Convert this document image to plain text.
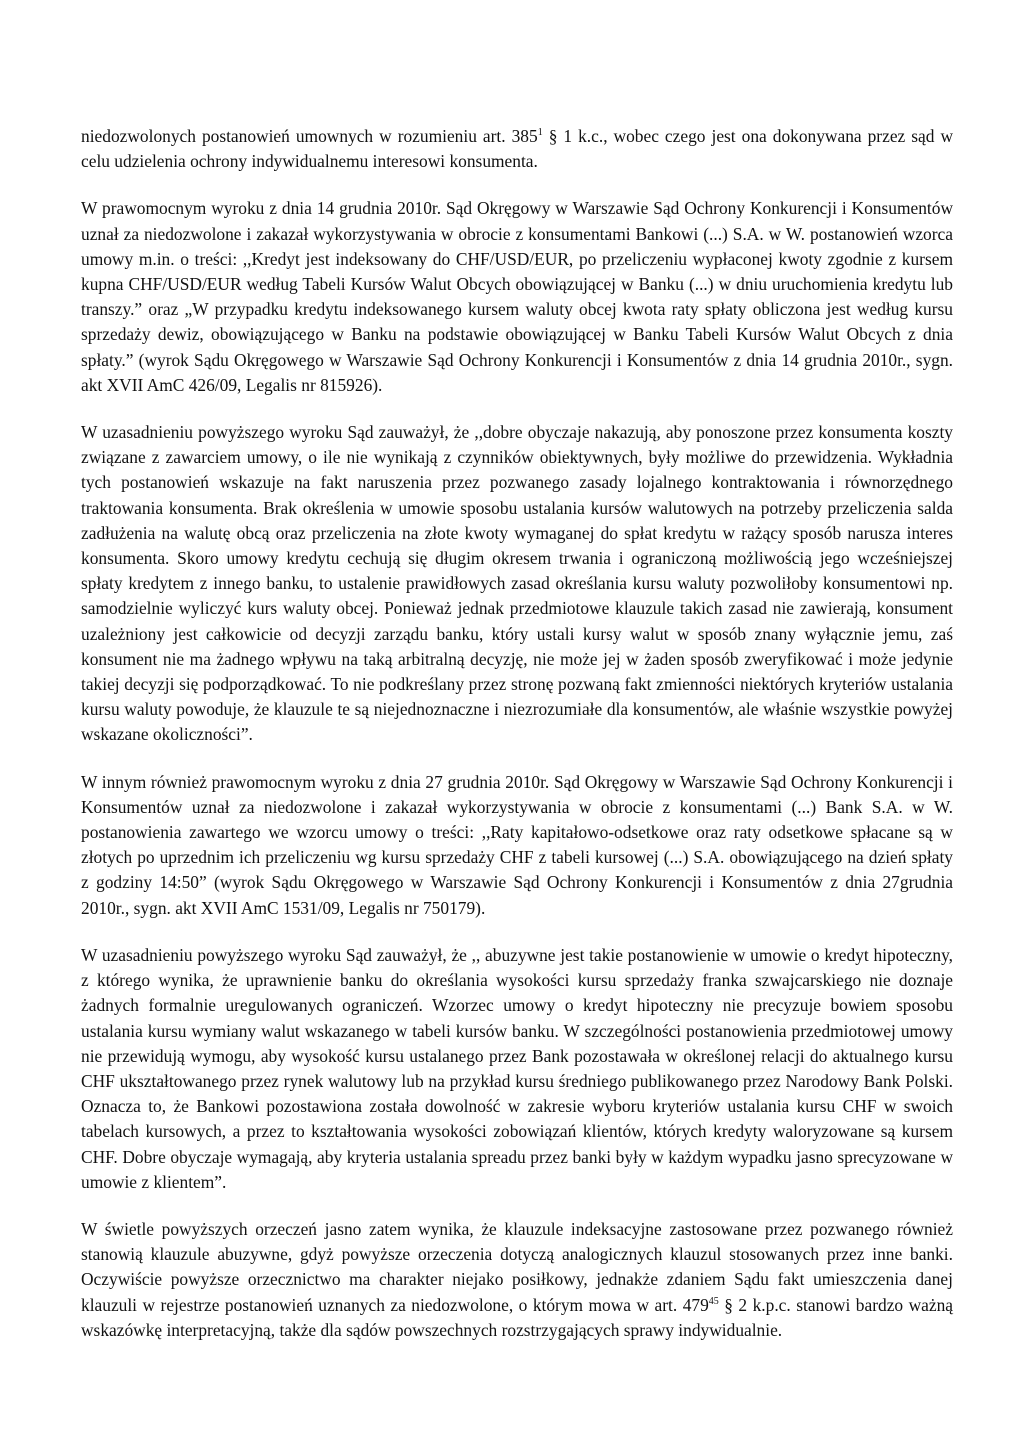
niedozwolonych postanowień umownych w rozumieniu art. $385^1$ § 1 k.c., wobec czego jest ona dokonywana przez sąd w celu udzielenia ochrony indywidualnemu interesowi konsumenta.

W prawomocnym wyroku z dnia 14 grudnia 2010r. Sąd Okręgowy w Warszawie Sąd Ochrony Konkurencji i Konsumentów uznał za niedozwolone i zakazał wykorzystywania w obrocie z konsumentami Bankowi (...) S.A. w W. postanowień wzorca umowy m.in. o treści: ,,Kredyt jest indeksowany do CHF/USD/EUR, po przeliczeniu wypłaconej kwoty zgodnie z kursem kupna CHF/USD/EUR według Tabeli Kursów Walut Obcych obowiązującej w Banku (...) w dniu uruchomienia kredytu lub transzy.” oraz „W przypadku kredytu indeksowanego kursem waluty obcej kwota raty spłaty obliczona jest według kursu sprzedaży dewiz, obowiązującego w Banku na podstawie obowiązującej w Banku Tabeli Kursów Walut Obcych z dnia spłaty.” (wyrok Sądu Okręgowego w Warszawie Sąd Ochrony Konkurencji i Konsumentów z dnia 14 grudnia 2010r., sygn. akt XVII AmC 426/09, Legalis nr 815926).

W uzasadnieniu powyższego wyroku Sąd zauważył, że ,,dobre obyczaje nakazują, aby ponoszone przez konsumenta koszty związane z zawarciem umowy, o ile nie wynikają z czynników obiektywnych, były możliwe do przewidzenia. Wykładnia tych postanowień wskazuje na fakt naruszenia przez pozwanego zasady lojalnego kontraktowania i równorzędnego traktowania konsumenta. Brak określenia w umowie sposobu ustalania kursów walutowych na potrzeby przeliczenia salda zadłużenia na walutę obcą oraz przeliczenia na złote kwoty wymaganej do spłat kredytu w rażący sposób narusza interes konsumenta. Skoro umowy kredytu cechują się długim okresem trwania i ograniczoną możliwością jego wcześniejszej spłaty kredytem z innego banku, to ustalenie prawidłowych zasad określania kursu waluty pozwoliłoby konsumentowi np. samodzielnie wyliczyć kurs waluty obcej. Ponieważ jednak przedmiotowe klauzule takich zasad nie zawierają, konsument uzależniony jest całkowicie od decyzji zarządu banku, który ustali kursy walut w sposób znany wyłącznie jemu, zaś konsument nie ma żadnego wpływu na taką arbitralną decyzję, nie może jej w żaden sposób zweryfikować i może jedynie takiej decyzji się podporządkować. To nie podkreślany przez stronę pozwaną fakt zmienności niektórych kryteriów ustalania kursu waluty powoduje, że klauzule te są niejednoznaczne i niezrozumiałe dla konsumentów, ale właśnie wszystkie powyżej wskazane okoliczności”.

W innym również prawomocnym wyroku z dnia 27 grudnia 2010r. Sąd Okręgowy w Warszawie Sąd Ochrony Konkurencji i Konsumentów uznał za niedozwolone i zakazał wykorzystywania w obrocie z konsumentami (...) Bank S.A. w W. postanowienia zawartego we wzorcu umowy o treści: ,,Raty kapitałowo-odsetkowe oraz raty odsetkowe spłacane są w złotych po uprzednim ich przeliczeniu wg kursu sprzedaży CHF z tabeli kursowej (...) S.A. obowiązującego na dzień spłaty z godziny 14:50” (wyrok Sądu Okręgowego w Warszawie Sąd Ochrony Konkurencji i Konsumentów z dnia 27grudnia 2010r., sygn. akt XVII AmC 1531/09, Legalis nr 750179).

W uzasadnieniu powyższego wyroku Sąd zauważył, że ,, abuzywne jest takie postanowienie w umowie o kredyt hipoteczny, z którego wynika, że uprawnienie banku do określania wysokości kursu sprzedaży franka szwajcarskiego nie doznaje żadnych formalnie uregulowanych ograniczeń. Wzorzec umowy o kredyt hipoteczny nie precyzuje bowiem sposobu ustalania kursu wymiany walut wskazanego w tabeli kursów banku. W szczególności postanowienia przedmiotowej umowy nie przewidują wymogu, aby wysokość kursu ustalanego przez Bank pozostawała w określonej relacji do aktualnego kursu CHF ukształtowanego przez rynek walutowy lub na przykład kursu średniego publikowanego przez Narodowy Bank Polski. Oznacza to, że Bankowi pozostawiona została dowolność w zakresie wyboru kryteriów ustalania kursu CHF w swoich tabelach kursowych, a przez to kształtowania wysokości zobowiązań klientów, których kredyty waloryzowane są kursem CHF. Dobre obyczaje wymagają, aby kryteria ustalania spreadu przez banki były w każdym wypadku jasno sprecyzowane w umowie z klientem”.

W świetle powyższych orzeczeń jasno zatem wynika, że klauzule indeksacyjne zastosowane przez pozwanego również stanowią klauzule abuzywne, gdyż powyższe orzeczenia dotyczą analogicznych klauzul stosowanych przez inne banki. Oczywiście powyższe orzecznictwo ma charakter niejako posiłkowy, jednakże zdaniem Sądu fakt umieszczenia danej klauzuli w rejestrze postanowień uznanych za niedozwolone, o którym mowa w art. $479^{45}$ § 2 k.p.c. stanowi bardzo ważną wskazówkę interpretacyjną, także dla sądów powszechnych rozstrzygających sprawy indywidualnie.
